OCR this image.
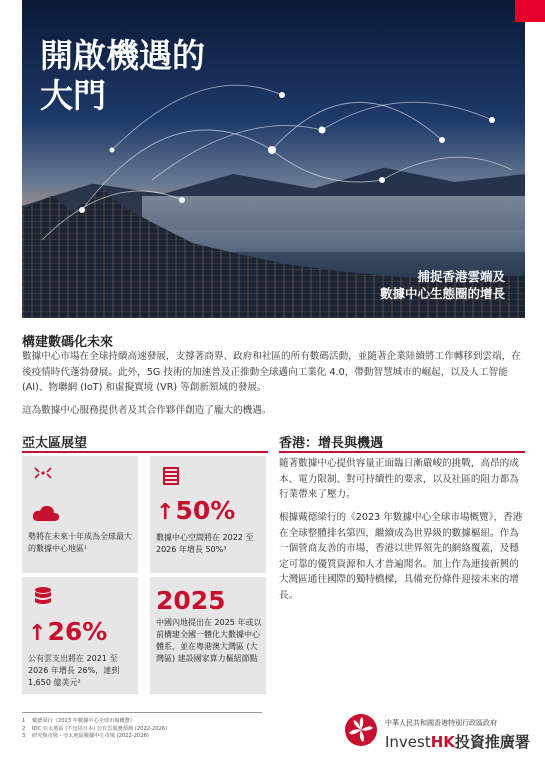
開啟機遇的
大門
捕捉香港雲端及
數據中心生態圈的增長
構建數碼化未來
數據中心市場在全球持續高速發展，支撐著商界、政府和社區的所有數碼活動，並隨著企業陸續將工作轉移到雲端，在後疫情時代蓬勃發展。此外，5G 技術的加速普及正推動全球邁向工業化 4.0，帶動智慧城市的崛起，以及人工智能 (AI)、物聯網 (IoT) 和虛擬實境 (VR) 等創新領域的發展。
這為數據中心服務提供者及其合作夥伴創造了龐大的機遇。
亞太區展望
勢將在未來十年成為全球最大的數據中心地區¹
↑50%
數據中心空間將在 2022 至 2026 年增長 50%³
↑26%
公有雲支出將在 2021 至 2026 年增長 26%，達到 1,650 億美元²
2025
中國內地提出在 2025 年或以前構建全國一體化大數據中心體系，並在粵港澳大灣區 (大灣區) 建設國家算力樞紐節點
香港：增長與機遇
隨著數據中心提供容量正面臨日漸嚴峻的挑戰，高昂的成本、電力限制、對可持續性的要求，以及社區的阻力都為行業帶來了壓力。
根據戴德梁行的《2023 年數據中心全球市場概覽》，香港在全球整體排名第四，繼續成為世界級的數據樞紐。作為一個營商友善的市場，香港以世界領先的網絡覆蓋，及穩定可靠的優質資源和人才普遍聞名。加上作為連接新興的大灣區通往國際的獨特橋樑，具備充份條件迎接未來的增長。
1	戴德梁行《2023 年數據中心全球市場概覽》
2	IDC 亞太地區 (不包括日本) 公有雲服務預測 (2022-2026)
3	研究與市場 - 亞太地區數據中心市場 (2022-2026)
中華人民共和國香港特別行政區政府
InvestHK投資推廣署
